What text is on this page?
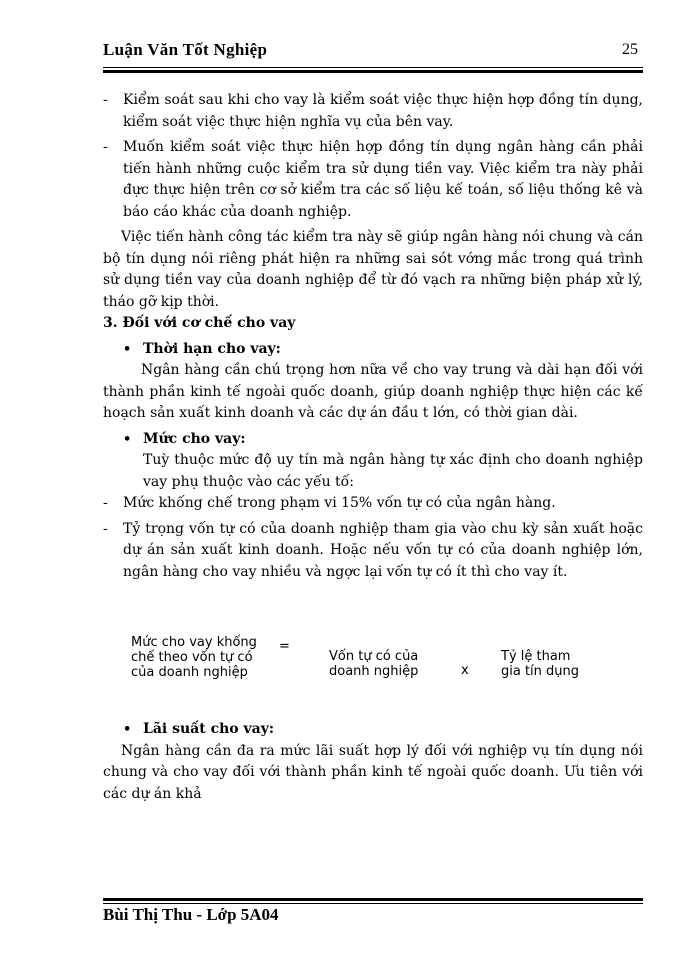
Luận Văn Tốt Nghiệp	25
- Kiểm soát sau khi cho vay là kiểm soát việc thực hiện hợp đồng tín dụng, kiểm soát việc thực hiện nghĩa vụ của bên vay.
- Muốn kiểm soát việc thực hiện hợp đồng tín dụng ngân hàng cần phải tiến hành những cuộc kiểm tra sử dụng tiền vay. Việc kiểm tra này phải đực thực hiện trên cơ sở kiểm tra các số liệu kế toán, số liệu thống kê và báo cáo khác của doanh nghiệp.
Việc tiến hành công tác kiểm tra này sẽ giúp ngân hàng nói chung và cán bộ tín dụng nói riêng phát hiện ra những sai sót vớng mắc trong quá trình sử dụng tiền vay của doanh nghiệp để từ đó vạch ra những biện pháp xử lý, tháo gỡ kịp thời.
3. Đối với cơ chế cho vay
• Thời hạn cho vay:
Ngân hàng cần chú trọng hơn nữa về cho vay trung và dài hạn đối với thành phần kinh tế ngoài quốc doanh, giúp doanh nghiệp thực hiện các kế hoạch sản xuất kinh doanh và các dự án đầu t lớn, có thời gian dài.
• Mức cho vay:
Tuỳ thuộc mức độ uy tín mà ngân hàng tự xác định cho doanh nghiệp vay phụ thuộc vào các yếu tố:
- Mức khống chế trong phạm vi 15% vốn tự có của ngân hàng.
- Tỷ trọng vốn tự có của doanh nghiệp tham gia vào chu kỳ sản xuất hoặc dự án sản xuất kinh doanh. Hoặc nếu vốn tự có của doanh nghiệp lớn, ngân hàng cho vay nhiều và ngợc lại vốn tự có ít thì cho vay ít.
Mức cho vay khống
chế theo vốn tự có
của doanh nghiệp
=
Vốn tự có của
doanh nghiệp	x
Tỷ lệ tham
gia tín dụng
• Lãi suất cho vay:
Ngân hàng cần đa ra mức lãi suất hợp lý đối với nghiệp vụ tín dụng nói chung và cho vay đối với thành phần kinh tế ngoài quốc doanh. Ưu tiên với các dự án khả
Bùi Thị Thu - Lớp 5A04
